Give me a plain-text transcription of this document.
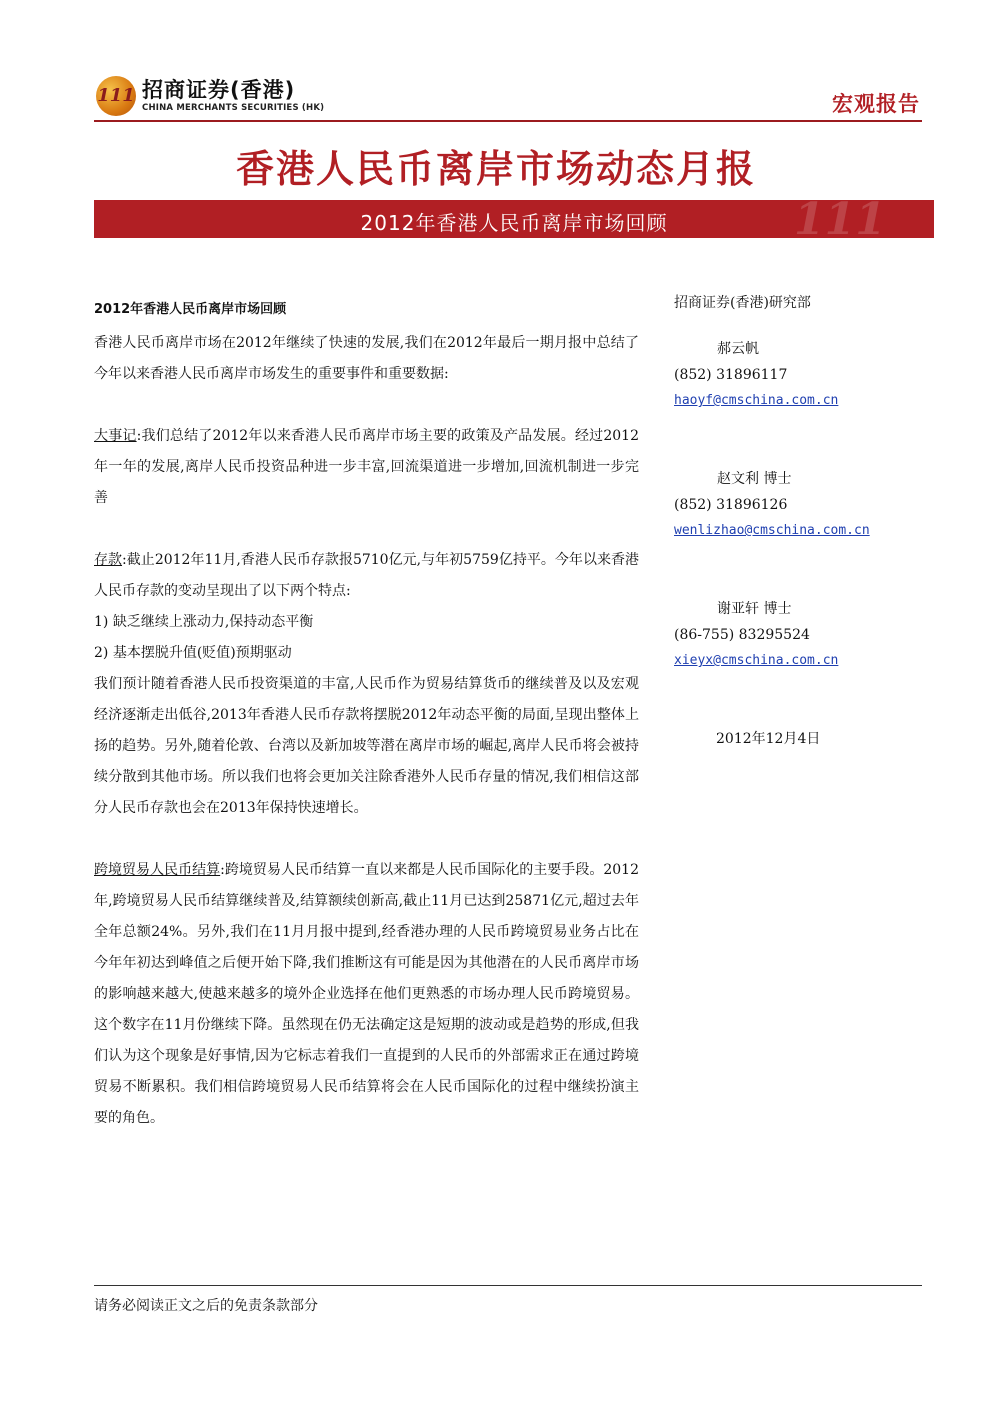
111 招商证券(香港)
CHINA MERCHANTS SECURITIES (HK)	宏观报告
香港人民币离岸市场动态月报
111
2012年香港人民币离岸市场回顾
2012年香港人民币离岸市场回顾

香港人民币离岸市场在2012年继续了快速的发展,我们在2012年最后一期月报中总结了今年以来香港人民币离岸市场发生的重要事件和重要数据:

大事记:我们总结了2012年以来香港人民币离岸市场主要的政策及产品发展。经过2012年一年的发展,离岸人民币投资品种进一步丰富,回流渠道进一步增加,回流机制进一步完善

存款:截止2012年11月,香港人民币存款报5710亿元,与年初5759亿持平。今年以来香港人民币存款的变动呈现出了以下两个特点:

1) 缺乏继续上涨动力,保持动态平衡

2) 基本摆脱升值(贬值)预期驱动

我们预计随着香港人民币投资渠道的丰富,人民币作为贸易结算货币的继续普及以及宏观经济逐渐走出低谷,2013年香港人民币存款将摆脱2012年动态平衡的局面,呈现出整体上扬的趋势。另外,随着伦敦、台湾以及新加坡等潜在离岸市场的崛起,离岸人民币将会被持续分散到其他市场。所以我们也将会更加关注除香港外人民币存量的情况,我们相信这部分人民币存款也会在2013年保持快速增长。

跨境贸易人民币结算:跨境贸易人民币结算一直以来都是人民币国际化的主要手段。2012 年,跨境贸易人民币结算继续普及,结算额续创新高,截止11月已达到25871亿元,超过去年全年总额24%。另外,我们在11月月报中提到,经香港办理的人民币跨境贸易业务占比在今年年初达到峰值之后便开始下降,我们推断这有可能是因为其他潜在的人民币离岸市场的影响越来越大,使越来越多的境外企业选择在他们更熟悉的市场办理人民币跨境贸易。这个数字在11月份继续下降。虽然现在仍无法确定这是短期的波动或是趋势的形成,但我们认为这个现象是好事情,因为它标志着我们一直提到的人民币的外部需求正在通过跨境贸易不断累积。我们相信跨境贸易人民币结算将会在人民币国际化的过程中继续扮演主要的角色。

招商证券(香港)研究部
郝云帆
(852) 31896117
haoyf@cmschina.com.cn
赵文利 博士
(852) 31896126
wenlizhao@cmschina.com.cn
谢亚轩 博士
(86-755) 83295524
xieyx@cmschina.com.cn
2012年12月4日
请务必阅读正文之后的免责条款部分
